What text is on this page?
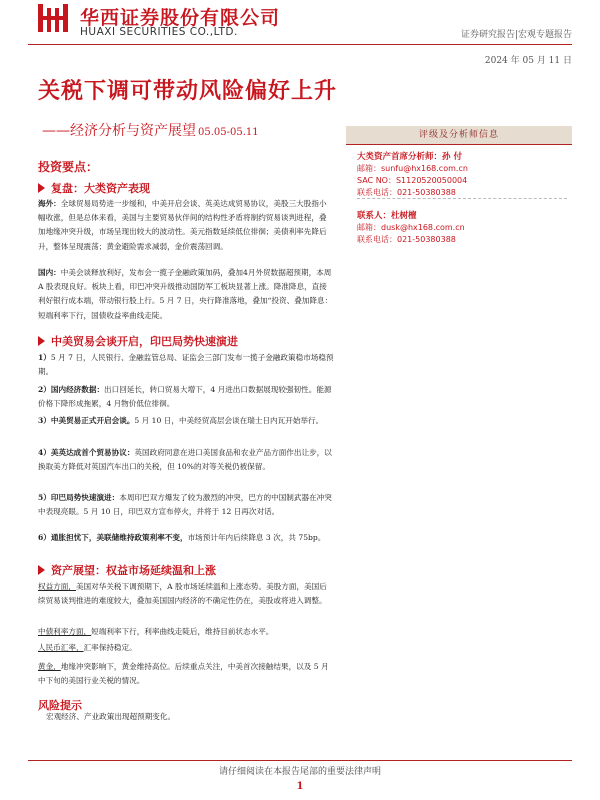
华西证券股份有限公司
HUAXI SECURITIES CO.,LTD.	证券研究报告|宏观专题报告
2024 年 05 月 11 日
关税下调可带动风险偏好上升
——经济分析与资产展望 05.05-05.11	评级及分析师信息
大类资产首席分析师：孙 付
邮箱：sunfu@hx168.com.cn
SAC NO：S1120520050004
联系电话：021-50380388
联系人：杜树檀
邮箱：dusk@hx168.com.cn
联系电话：021-50380388
投资要点：
复盘：大类资产表现
海外：全球贸易局势进一步缓和，中美开启会谈、英美达成贸易协议，美股三大股指小幅收涨，但是总体来看，美国与主要贸易伙伴间的结构性矛盾将制约贸易谈判进程，叠加地缘冲突升级，市场呈现出较大的波动性。美元指数延续低位徘徊；美债利率先降后升，整体呈现震荡；黄金避险需求减弱，金价震荡回调。
国内：中美会谈释放利好，发布会一揽子金融政策加码，叠加4月外贸数据超预期，本周 A 股表现良好。板块上看，印巴冲突升级推动国防军工板块显著上涨。降准降息，直接利好银行成本端，带动银行股上行。5 月 7 日，央行降准落地，叠加“投资、叠加降息：短端利率下行，国债收益率曲线走陡。
中美贸易会谈开启，印巴局势快速演进
1）5 月 7 日，人民银行、金融监管总局、证监会三部门发布一揽子金融政策稳市场稳预期。
2）国内经济数据：出口回延长，转口贸易大增下，4 月进出口数据展现较强韧性。能源价格下降形成拖累，4 月物价低位徘徊。
3）中美贸易正式开启会谈。5 月 10 日，中美经贸高层会谈在瑞士日内瓦开始举行。
4）美英达成首个贸易协议：英国政府同意在进口美国食品和农业产品方面作出让步，以换取美方降低对英国汽车出口的关税，但 10%的对等关税仍被保留。
5）印巴局势快速演进：本周印巴双方爆发了较为激烈的冲突，巴方的中国制武器在冲突中表现亮眼。5 月 10 日，印巴双方宣布停火，并将于 12 日再次对话。
6）通胀担忧下，美联储维持政策利率不变，市场预计年内后续降息 3 次，共 75bp。
资产展望：权益市场延续温和上涨
权益方面，美国对华关税下调预期下，A 股市场延续温和上涨态势。美股方面，美国后续贸易谈判推进的难度较大，叠加美国国内经济的不确定性仍在，美股或将进入调整。
中债利率方面，短端利率下行，利率曲线走陡后，维持目前状态水平。
人民币汇率，汇率保持稳定。
黄金，地缘冲突影响下，黄金维持高位。后续重点关注，中美首次接触结果，以及 5 月中下旬的美国行业关税的情况。
风险提示
宏观经济、产业政策出现超预期变化。
请仔细阅读在本报告尾部的重要法律声明
1
